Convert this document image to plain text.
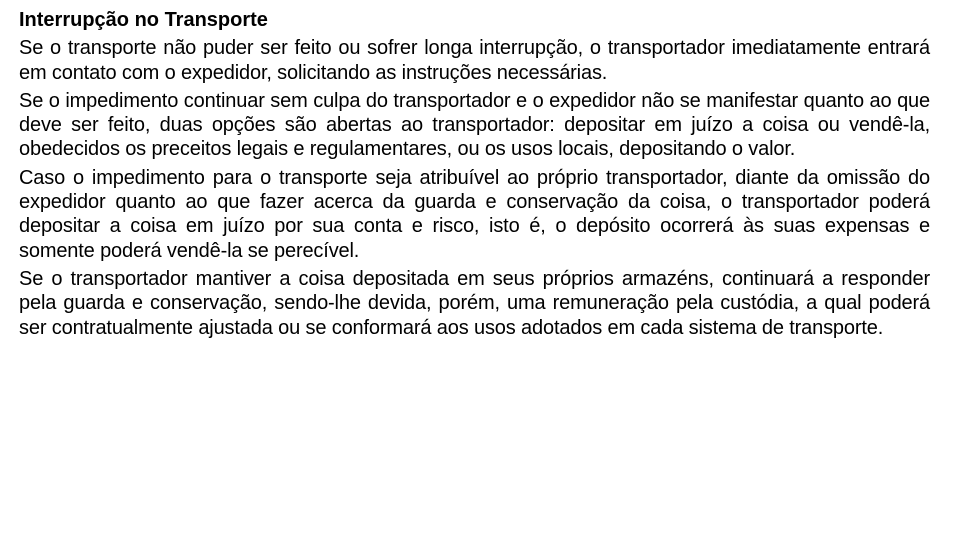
Interrupção no Transporte

Se o transporte não puder ser feito ou sofrer longa interrupção, o transportador imediatamente entrará em contato com o expedidor, solicitando as instruções necessárias.

Se o impedimento continuar sem culpa do transportador e o expedidor não se manifestar quanto ao que deve ser feito, duas opções são abertas ao transportador: depositar em juízo a coisa ou vendê-la, obedecidos os preceitos legais e regulamentares, ou os usos locais, depositando o valor.

Caso o impedimento para o transporte seja atribuível ao próprio transportador, diante da omissão do expedidor quanto ao que fazer acerca da guarda e conservação da coisa, o transportador poderá depositar a coisa em juízo por sua conta e risco, isto é, o depósito ocorrerá às suas expensas e somente poderá vendê-la se perecível.

Se o transportador mantiver a coisa depositada em seus próprios armazéns, continuará a responder pela guarda e conservação, sendo-lhe devida, porém, uma remuneração pela custódia, a qual poderá ser contratualmente ajustada ou se conformará aos usos adotados em cada sistema de transporte.
